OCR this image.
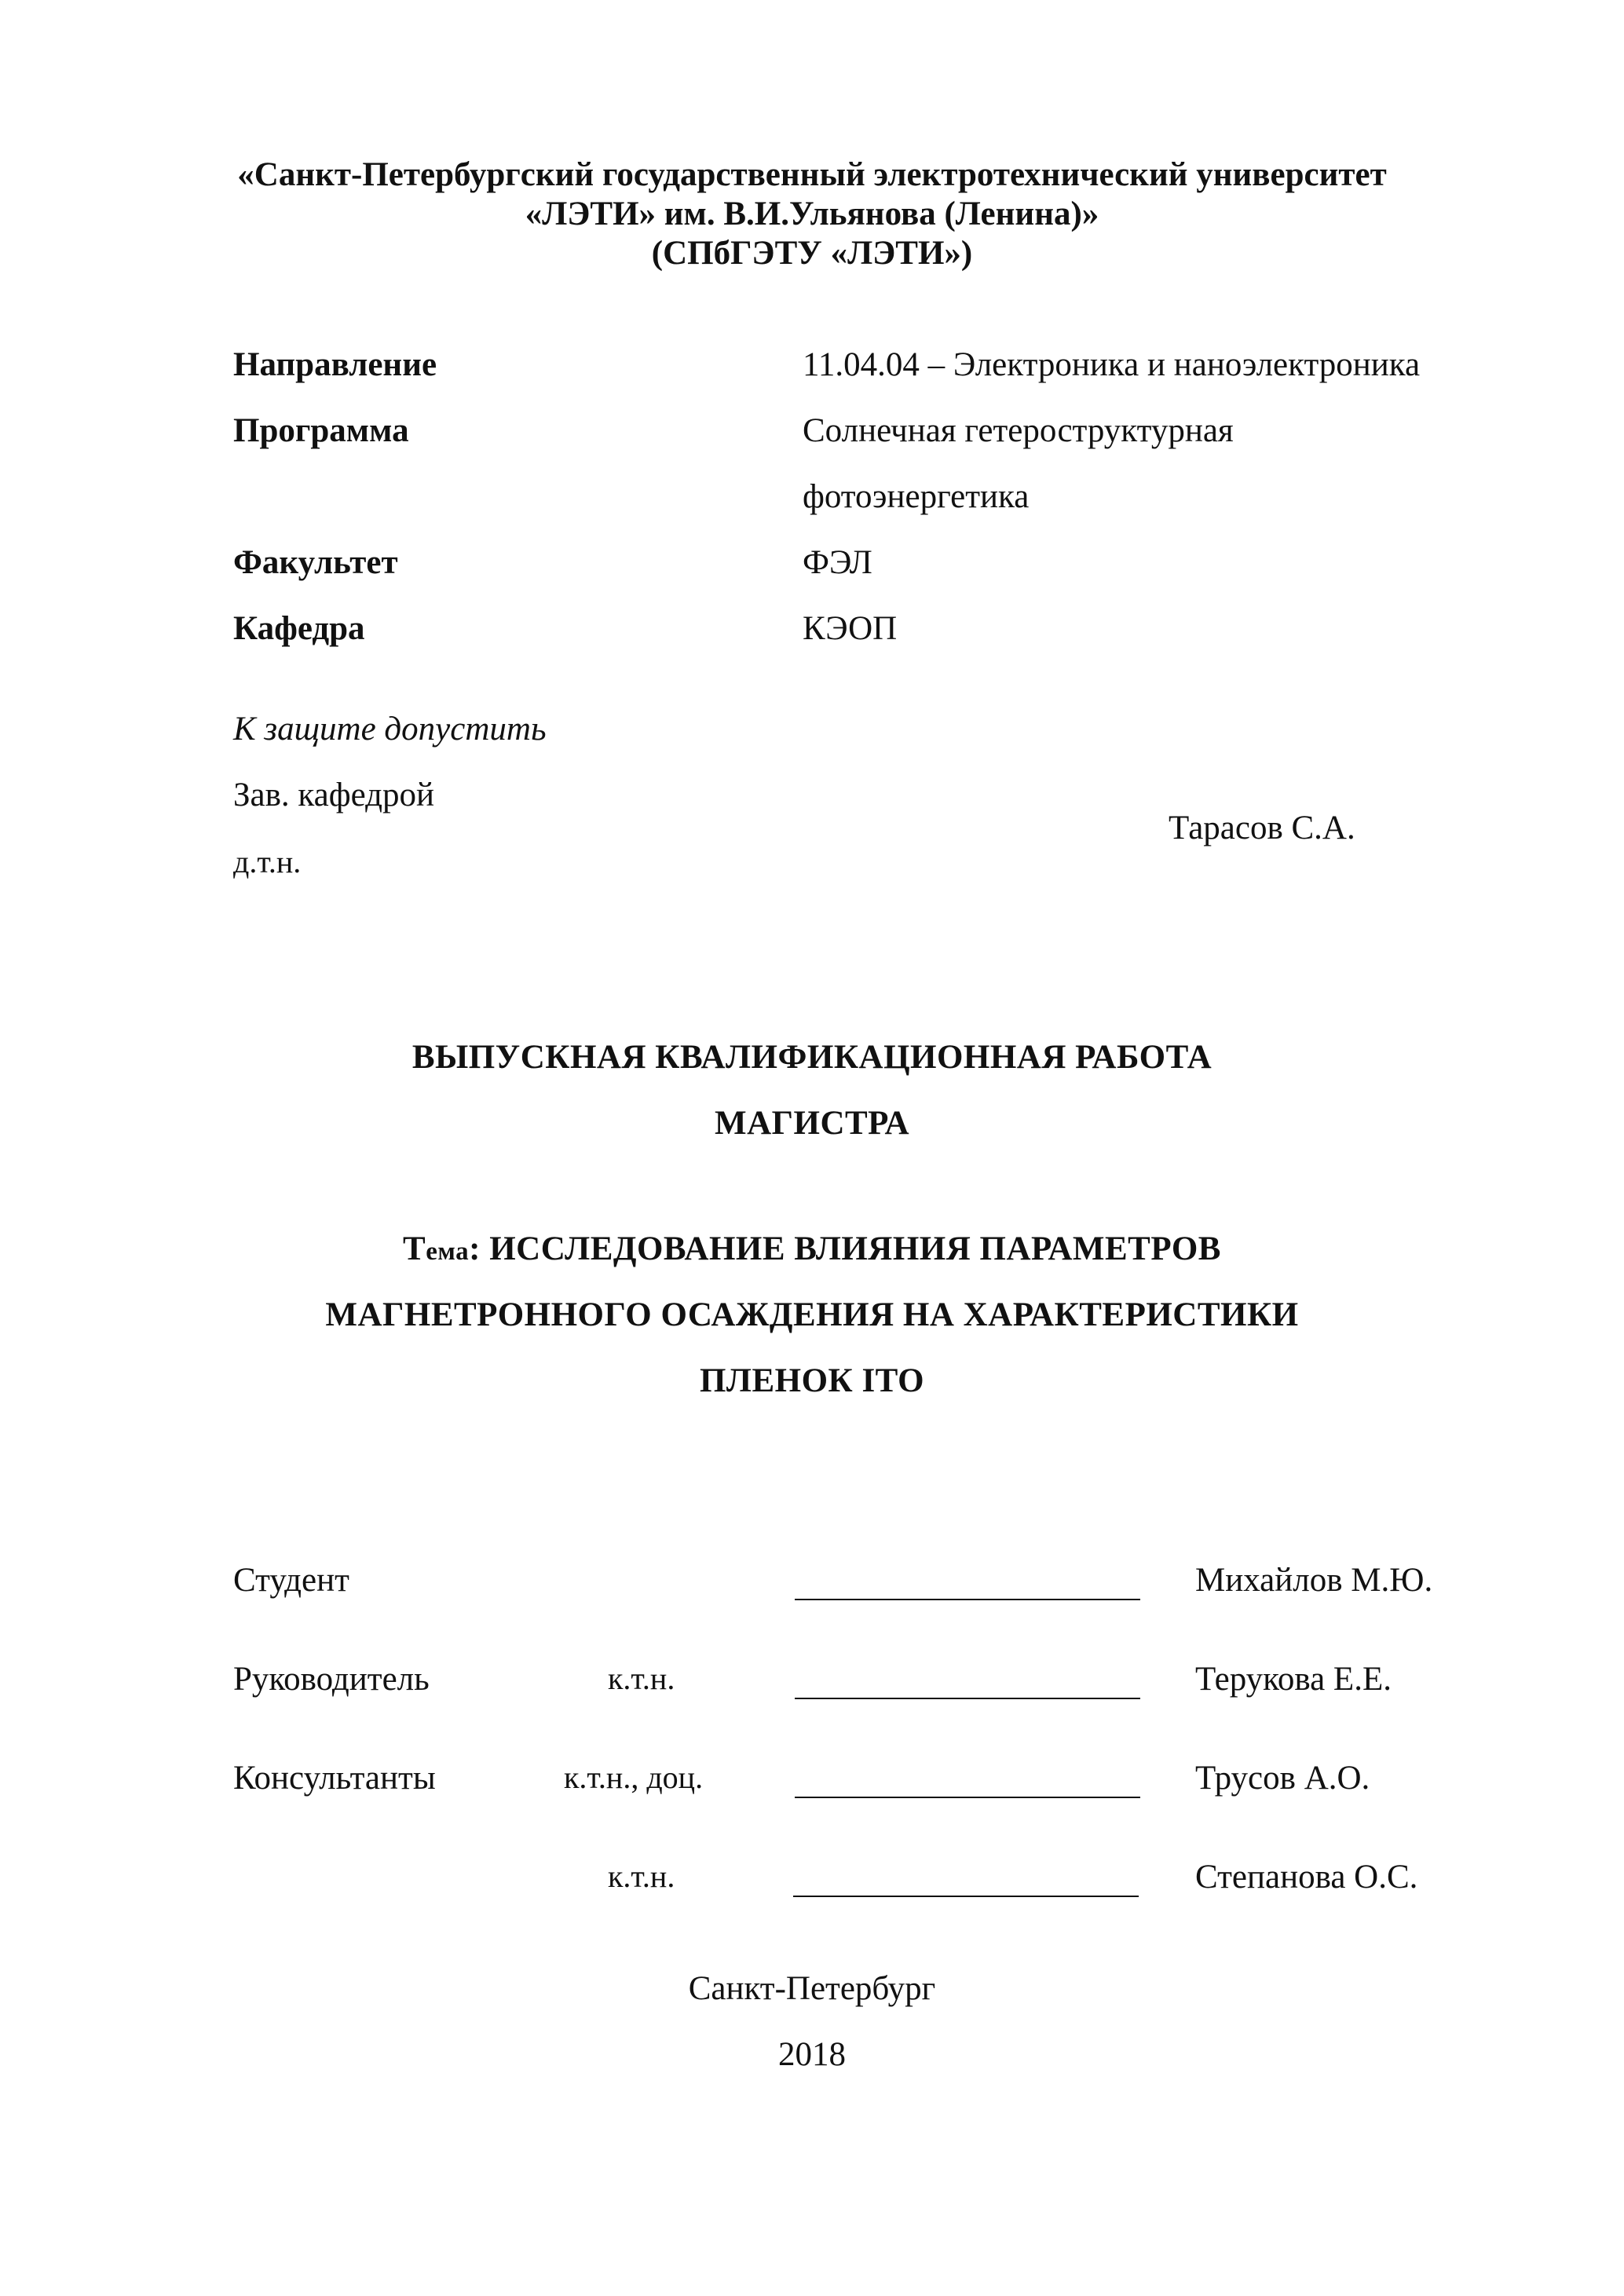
«Санкт-Петербургский государственный электротехнический университет
«ЛЭТИ» им. В.И.Ульянова (Ленина)»
(СПбГЭТУ «ЛЭТИ»)
Направление	11.04.04 – Электроника и наноэлектроника
Программа	Солнечная гетероструктурная
фотоэнергетика
Факультет	ФЭЛ
Кафедра	КЭОП
К защите допустить
Зав. кафедрой
д.т.н.
Тарасов С.А.
ВЫПУСКНАЯ КВАЛИФИКАЦИОННАЯ РАБОТА
МАГИСТРА
Тема: ИССЛЕДОВАНИЕ ВЛИЯНИЯ ПАРАМЕТРОВ
МАГНЕТРОННОГО ОСАЖДЕНИЯ НА ХАРАКТЕРИСТИКИ
ПЛЕНОК ITO
Студент	Михайлов М.Ю.
Руководитель	к.т.н.	Терукова Е.Е.
Консультанты	к.т.н., доц.	Трусов А.О.
к.т.н.	Степанова О.С.
Санкт-Петербург
2018
